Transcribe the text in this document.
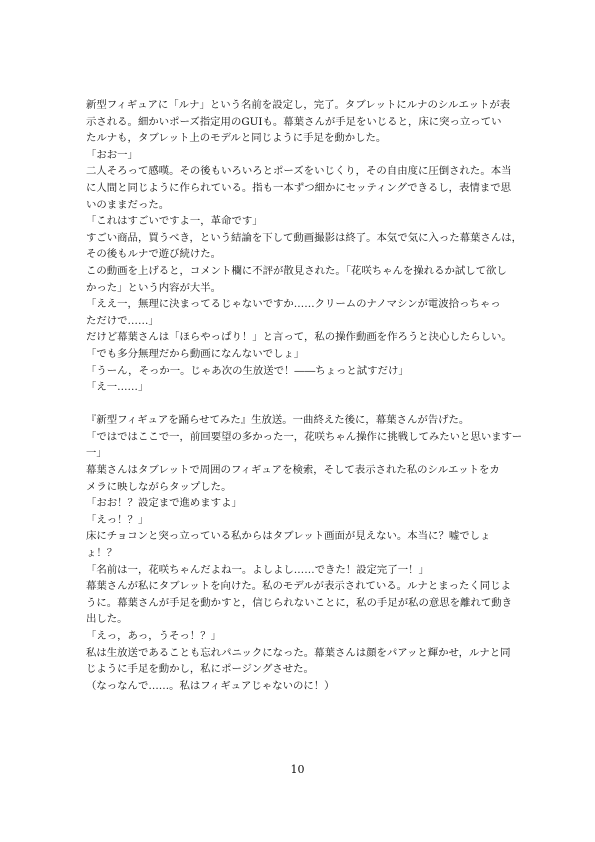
新型フィギュアに「ルナ」という名前を設定し，完了。タブレットにルナのシルエットが表
示される。細かいポーズ指定用のGUIも。幕葉さんが手足をいじると，床に突っ立ってい
たルナも，タブレット上のモデルと同じように手足を動かした。
「おお一」
二人そろって感嘆。その後もいろいろとポーズをいじくり，その自由度に圧倒された。本当
に人間と同じように作られている。指も一本ずつ細かにセッティングできるし，表情まで思
いのままだった。
「これはすごいですよ一，革命です」
すごい商品，買うべき，という結論を下して動画撮影は終了。本気で気に入った幕葉さんは，
その後もルナで遊び続けた。
この動画を上げると，コメント欄に不評が散見された。「花咲ちゃんを操れるか試して欲し
かった」という内容が大半。
「ええ一，無理に決まってるじゃないですか……クリームのナノマシンが電波拾っちゃっ
ただけで……」
だけど幕葉さんは「ほらやっぱり！」と言って，私の操作動画を作ろうと決心したらしい。
「でも多分無理だから動画になんないでしょ」
「うーん，そっか一。じゃあ次の生放送で！――ちょっと試すだけ」
「え一……」
『新型フィギュアを踊らせてみた』生放送。一曲終えた後に，幕葉さんが告げた。
「ではではここで一，前回要望の多かった一，花咲ちゃん操作に挑戦してみたいと思いますー
一」
幕葉さんはタブレットで周囲のフィギュアを検索，そして表示された私のシルエットをカ
メラに映しながらタップした。
「おお！？設定まで進めますよ」
「えっ！？」
床にチョコンと突っ立っている私からはタブレット画面が見えない。本当に？嘘でしょ
ょ！？
「名前は一，花咲ちゃんだよね一。よしよし……できた！設定完了一！」
幕葉さんが私にタブレットを向けた。私のモデルが表示されている。ルナとまったく同じよ
うに。幕葉さんが手足を動かすと，信じられないことに，私の手足が私の意思を離れて動き
出した。
「えっ，あっ，うそっ！？」
私は生放送であることも忘れパニックになった。幕葉さんは顔をパアッと輝かせ，ルナと同
じように手足を動かし，私にポージングさせた。
（なっなんで……。私はフィギュアじゃないのに！）
10
